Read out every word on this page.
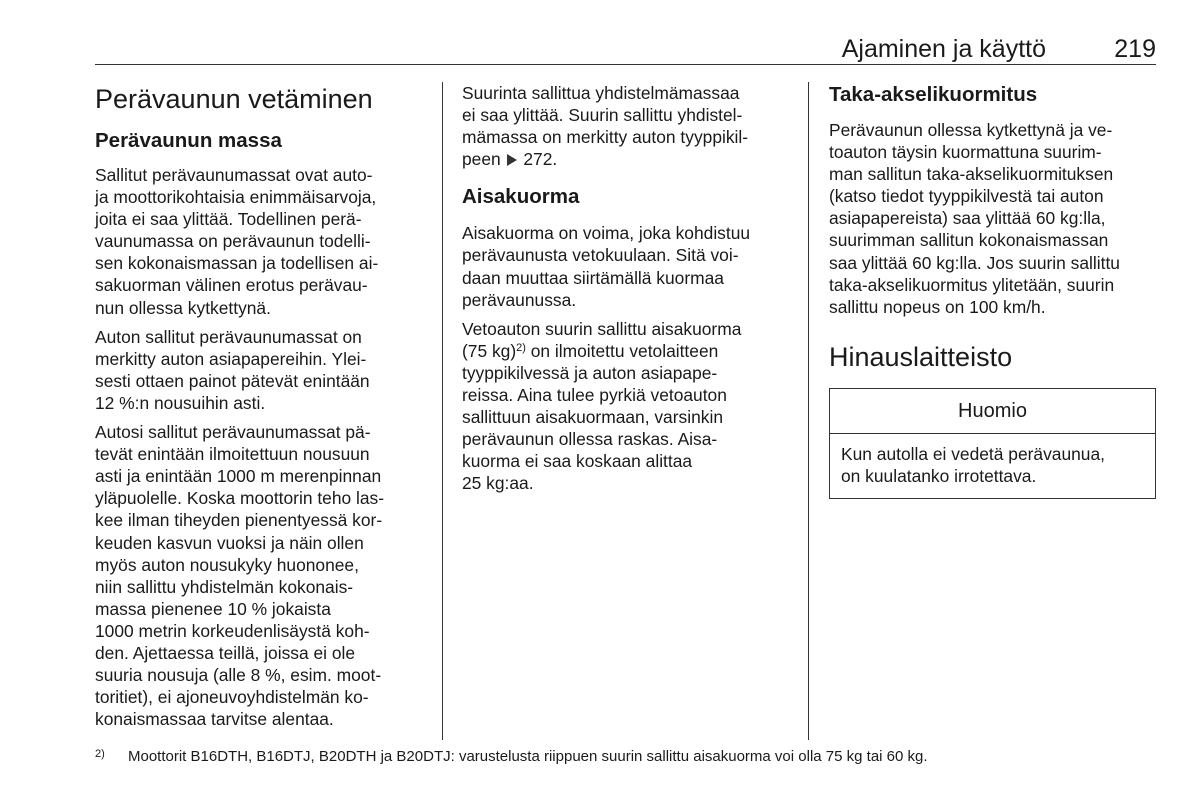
Ajaminen ja käyttö	219
Perävaunun vetäminen
Perävaunun massa

Sallitut perävaunumassat ovat auto-
ja moottorikohtaisia enimmäisarvoja,
joita ei saa ylittää. Todellinen perä-
vaunumassa on perävaunun todelli-
sen kokonaismassan ja todellisen ai-
sakuorman välinen erotus perävau-
nun ollessa kytkettynä.

Auton sallitut perävaunumassat on
merkitty auton asiapapereihin. Ylei-
sesti ottaen painot pätevät enintään
12 %:n nousuihin asti.

Autosi sallitut perävaunumassat pä-
tevät enintään ilmoitettuun nousuun
asti ja enintään 1000 m merenpinnan
yläpuolelle. Koska moottorin teho las-
kee ilman tiheyden pienentyessä kor-
keuden kasvun vuoksi ja näin ollen
myös auton nousukyky huononee,
niin sallittu yhdistelmän kokonais-
massa pienenee 10 % jokaista
1000 metrin korkeudenlisäystä koh-
den. Ajettaessa teillä, joissa ei ole
suuria nousuja (alle 8 %, esim. moot-
toritiet), ei ajoneuvoyhdistelmän ko-
konaismassaa tarvitse alentaa.

Suurinta sallittua yhdistelmämassaa
ei saa ylittää. Suurin sallittu yhdistel-
mämassa on merkitty auton tyyppikil-
peen 272.

Aisakuorma

Aisakuorma on voima, joka kohdistuu
perävaunusta vetokuulaan. Sitä voi-
daan muuttaa siirtämällä kuormaa
perävaunussa.

Vetoauton suurin sallittu aisakuorma
(75 kg)$^{2)}$ on ilmoitettu vetolaitteen
tyyppikilvessä ja auton asiapape-
reissa. Aina tulee pyrkiä vetoauton
sallittuun aisakuormaan, varsinkin
perävaunun ollessa raskas. Aisa-
kuorma ei saa koskaan alittaa
25 kg:aa.

Taka-akselikuormitus

Perävaunun ollessa kytkettynä ja ve-
toauton täysin kuormattuna suurim-
man sallitun taka-akselikuormituksen
(katso tiedot tyyppikilvestä tai auton
asiapapereista) saa ylittää 60 kg:lla,
suurimman sallitun kokonaismassan
saa ylittää 60 kg:lla. Jos suurin sallittu
taka-akselikuormitus ylitetään, suurin
sallittu nopeus on 100 km/h.

Hinauslaitteisto
Huomio
Kun autolla ei vedetä perävaunua,
on kuulatanko irrotettava.
2) Moottorit B16DTH, B16DTJ, B20DTH ja B20DTJ: varustelusta riippuen suurin sallittu aisakuorma voi olla 75 kg tai 60 kg.
